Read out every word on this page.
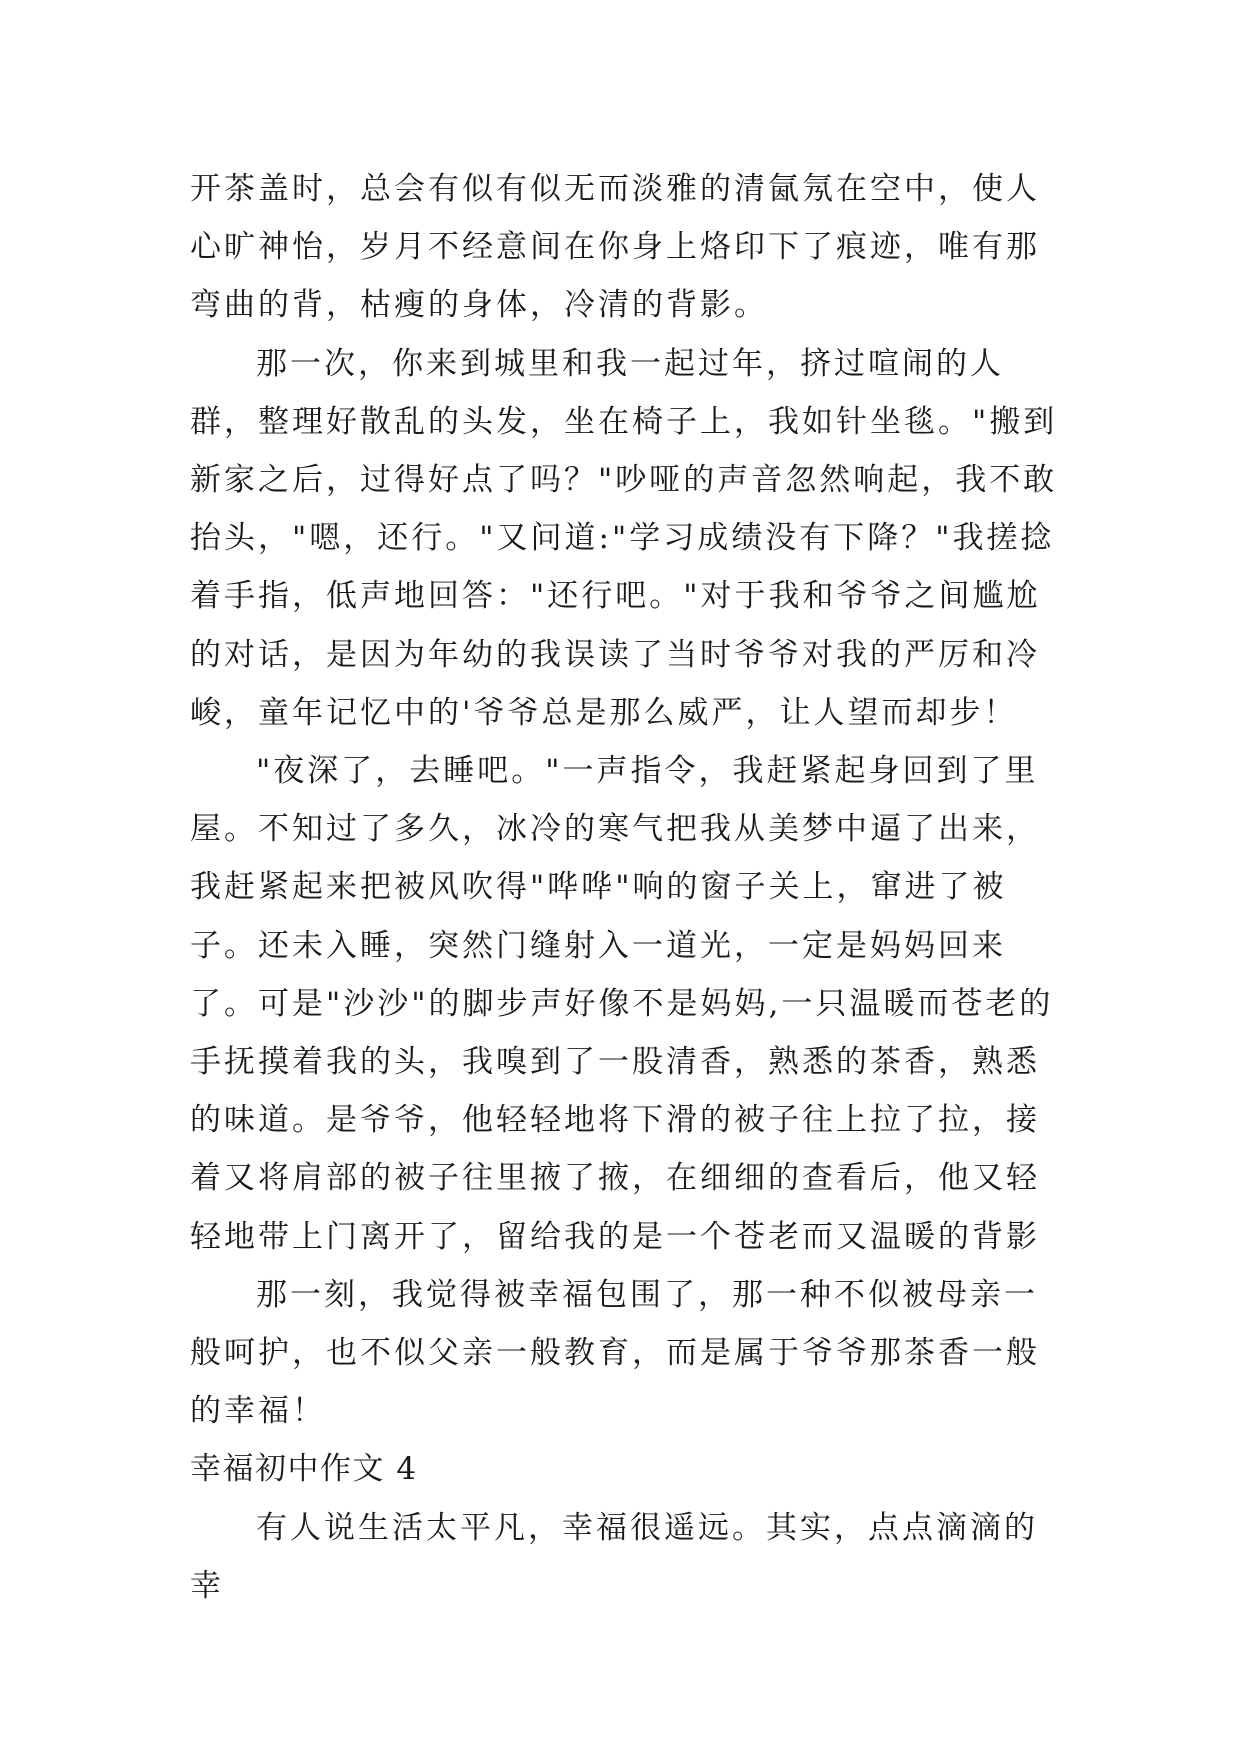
开茶盖时，总会有似有似无而淡雅的清氤氖在空中，使人心旷神怡，岁月不经意间在你身上烙印下了痕迹，唯有那弯曲的背，枯瘦的身体，冷清的背影。

那一次，你来到城里和我一起过年，挤过喧闹的人群，整理好散乱的头发，坐在椅子上，我如针坐毯。"搬到新家之后，过得好点了吗？"吵哑的声音忽然响起，我不敢抬头，"嗯，还行。"又问道:"学习成绩没有下降？"我搓捻着手指，低声地回答："还行吧。"对于我和爷爷之间尴尬的对话，是因为年幼的我误读了当时爷爷对我的严厉和冷峻，童年记忆中的'爷爷总是那么威严，让人望而却步！

"夜深了，去睡吧。"一声指令，我赶紧起身回到了里屋。不知过了多久，冰冷的寒气把我从美梦中逼了出来，我赶紧起来把被风吹得"哗哗"响的窗子关上，窜进了被子。还未入睡，突然门缝射入一道光，一定是妈妈回来了。可是"沙沙"的脚步声好像不是妈妈,一只温暖而苍老的手抚摸着我的头，我嗅到了一股清香，熟悉的茶香，熟悉的味道。是爷爷，他轻轻地将下滑的被子往上拉了拉，接着又将肩部的被子往里掖了掖，在细细的查看后，他又轻轻地带上门离开了，留给我的是一个苍老而又温暖的背影

那一刻，我觉得被幸福包围了，那一种不似被母亲一般呵护，也不似父亲一般教育，而是属于爷爷那茶香一般的幸福！

幸福初中作文 4

有人说生活太平凡，幸福很遥远。其实，点点滴滴的幸
